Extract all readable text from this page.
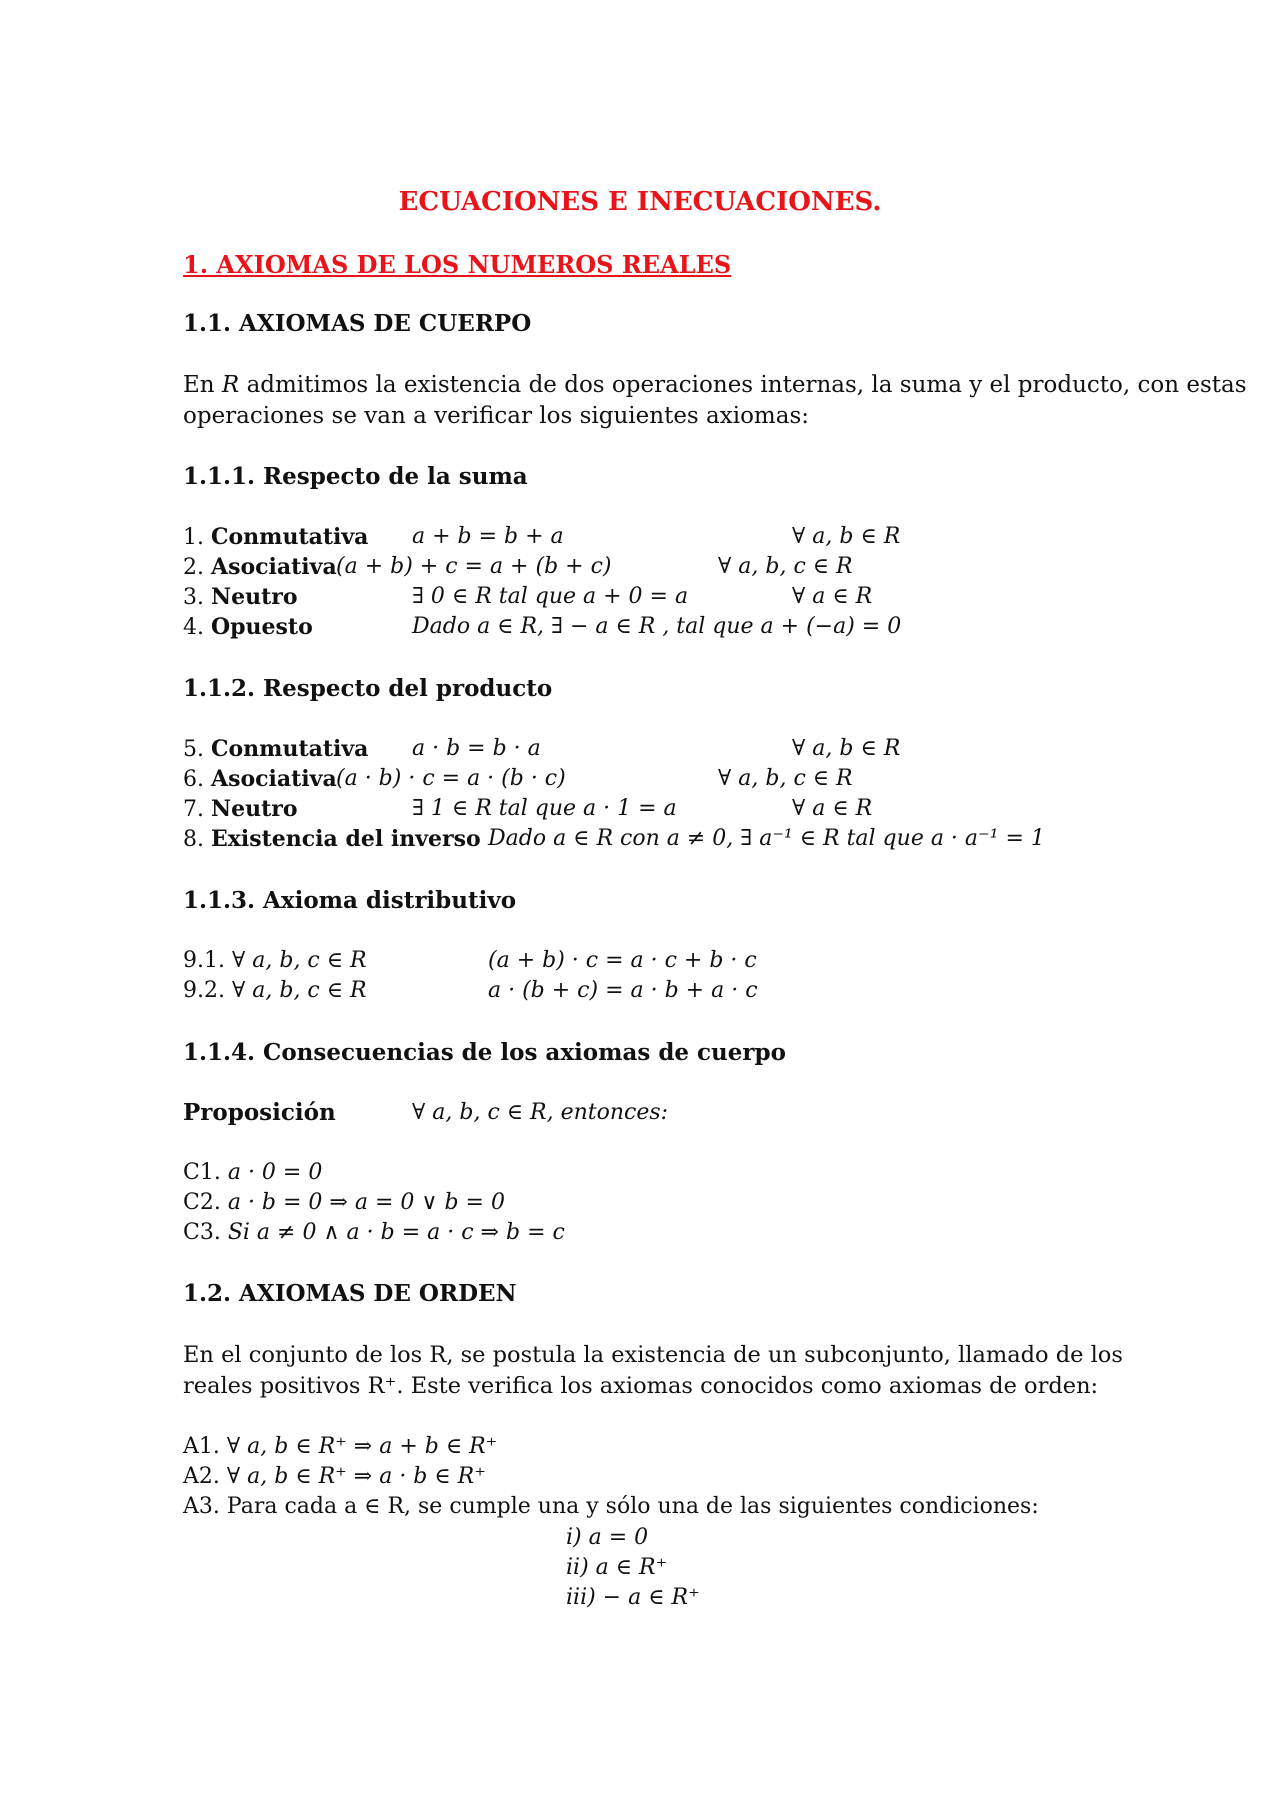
ECUACIONES E INECUACIONES.
1. AXIOMAS DE LOS NUMEROS REALES
1.1. AXIOMAS DE CUERPO
En R admitimos la existencia de dos operaciones internas, la suma y el producto, con estas
operaciones se van a verificar los siguientes axiomas:
1.1.1. Respecto de la suma
1. Conmutativa a + b = b + a	∀ a, b ∈ R
2. Asociativa (a + b) + c = a + (b + c)	∀ a, b, c ∈ R
3. Neutro	∃ 0 ∈ R tal que a + 0 = a	∀ a ∈ R
4. Opuesto	Dado a ∈ R, ∃ − a ∈ R , tal que a + (−a) = 0
1.1.2. Respecto del producto
5. Conmutativa a · b = b · a	∀ a, b ∈ R
6. Asociativa (a · b) · c = a · (b · c)	∀ a, b, c ∈ R
7. Neutro	∃ 1 ∈ R tal que a · 1 = a	∀ a ∈ R
8. Existencia del inverso Dado a ∈ R con a ≠ 0, ∃ a⁻¹ ∈ R tal que a · a⁻¹ = 1
1.1.3. Axioma distributivo
9.1. ∀ a, b, c ∈ R	(a + b) · c = a · c + b · c
9.2. ∀ a, b, c ∈ R	a · (b + c) = a · b + a · c
1.1.4. Consecuencias de los axiomas de cuerpo
Proposición	∀ a, b, c ∈ R, entonces:
C1. a · 0 = 0
C2. a · b = 0 ⇒ a = 0 ∨ b = 0
C3. Si a ≠ 0 ∧ a · b = a · c ⇒ b = c
1.2. AXIOMAS DE ORDEN
En el conjunto de los R, se postula la existencia de un subconjunto, llamado de los
reales positivos R⁺. Este verifica los axiomas conocidos como axiomas de orden:
A1. ∀ a, b ∈ R⁺ ⇒ a + b ∈ R⁺
A2. ∀ a, b ∈ R⁺ ⇒ a · b ∈ R⁺
A3. Para cada a ∈ R, se cumple una y sólo una de las siguientes condiciones:
i) a = 0
ii) a ∈ R⁺
iii) − a ∈ R⁺
